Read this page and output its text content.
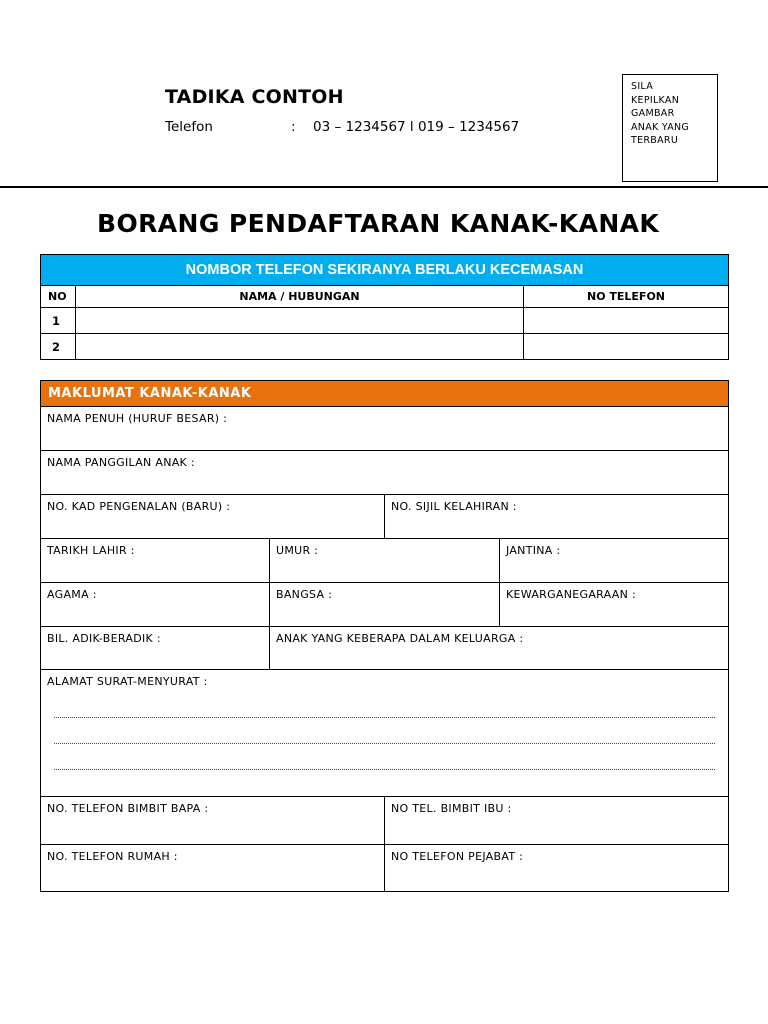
TADIKA CONTOH
Telefon	: 03 – 1234567 l 019 – 1234567
SILA
KEPILKAN
GAMBAR
ANAK YANG
TERBARU
BORANG PENDAFTARAN KANAK-KANAK
NOMBOR TELEFON SEKIRANYA BERLAKU KECEMASAN
NO	NAMA / HUBUNGAN	NO TELEFON
1
2
MAKLUMAT KANAK-KANAK
NAMA PENUH (HURUF BESAR) :
NAMA PANGGILAN ANAK :
NO. KAD PENGENALAN (BARU) :	NO. SIJIL KELAHIRAN :
TARIKH LAHIR :	UMUR :	JANTINA :
AGAMA :	BANGSA :	KEWARGANEGARAAN :
BIL. ADIK-BERADIK :	ANAK YANG KEBERAPA DALAM KELUARGA :
ALAMAT SURAT-MENYURAT :
NO. TELEFON BIMBIT BAPA :	NO TEL. BIMBIT IBU :
NO. TELEFON RUMAH :	NO TELEFON PEJABAT :
